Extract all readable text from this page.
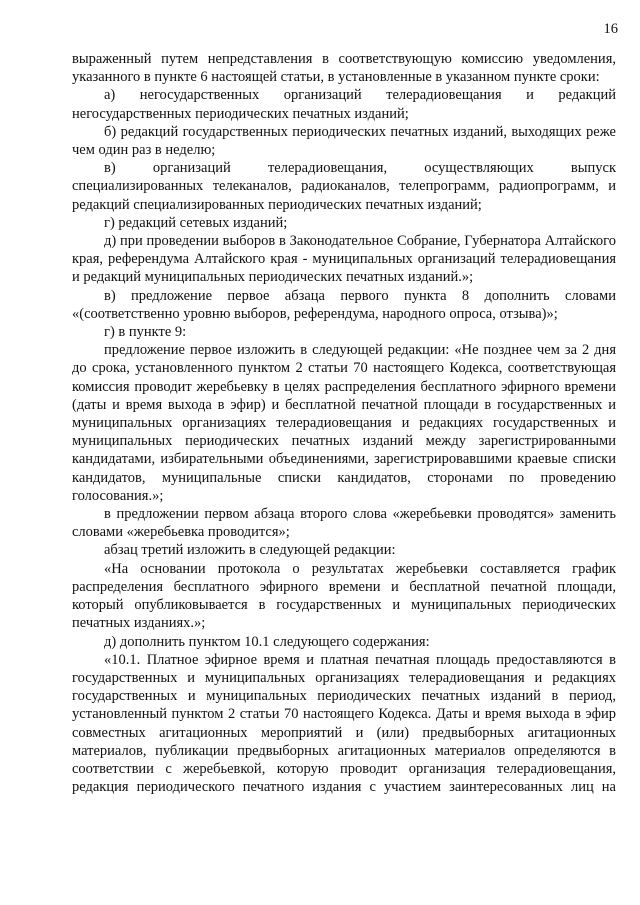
16

выраженный путем непредставления в соответствующую комиссию уведомления, указанного в пункте 6 настоящей статьи, в установленные в указанном пункте сроки:

а) негосударственных организаций телерадиовещания и редакций негосударственных периодических печатных изданий;

б) редакций государственных периодических печатных изданий, выходящих реже чем один раз в неделю;

в) организаций телерадиовещания, осуществляющих выпуск специализированных телеканалов, радиоканалов, телепрограмм, радиопрограмм, и редакций специализированных периодических печатных изданий;

г) редакций сетевых изданий;

д) при проведении выборов в Законодательное Собрание, Губернатора Алтайского края, референдума Алтайского края - муниципальных организаций телерадиовещания и редакций муниципальных периодических печатных изданий.»;

в) предложение первое абзаца первого пункта 8 дополнить словами «(соответственно уровню выборов, референдума, народного опроса, отзыва)»;

г) в пункте 9:

предложение первое изложить в следующей редакции: «Не позднее чем за 2 дня до срока, установленного пунктом 2 статьи 70 настоящего Кодекса, соответствующая комиссия проводит жеребьевку в целях распределения бесплатного эфирного времени (даты и время выхода в эфир) и бесплатной печатной площади в государственных и муниципальных организациях телерадиовещания и редакциях государственных и муниципальных периодических печатных изданий между зарегистрированными кандидатами, избирательными объединениями, зарегистрировавшими краевые списки кандидатов, муниципальные списки кандидатов, сторонами по проведению голосования.»;

в предложении первом абзаца второго слова «жеребьевки проводятся» заменить словами «жеребьевка проводится»;

абзац третий изложить в следующей редакции:

«На основании протокола о результатах жеребьевки составляется график распределения бесплатного эфирного времени и бесплатной печатной площади, который опубликовывается в государственных и муниципальных периодических печатных изданиях.»;

д) дополнить пунктом 10.1 следующего содержания:

«10.1. Платное эфирное время и платная печатная площадь предоставляются в государственных и муниципальных организациях телерадиовещания и редакциях государственных и муниципальных периодических печатных изданий в период, установленный пунктом 2 статьи 70 настоящего Кодекса. Даты и время выхода в эфир совместных агитационных мероприятий и (или) предвыборных агитационных материалов, публикации предвыборных агитационных материалов определяются в соответствии с жеребьевкой, которую проводит организация телерадиовещания, редакция периодического печатного издания с участием заинтересованных лиц на
